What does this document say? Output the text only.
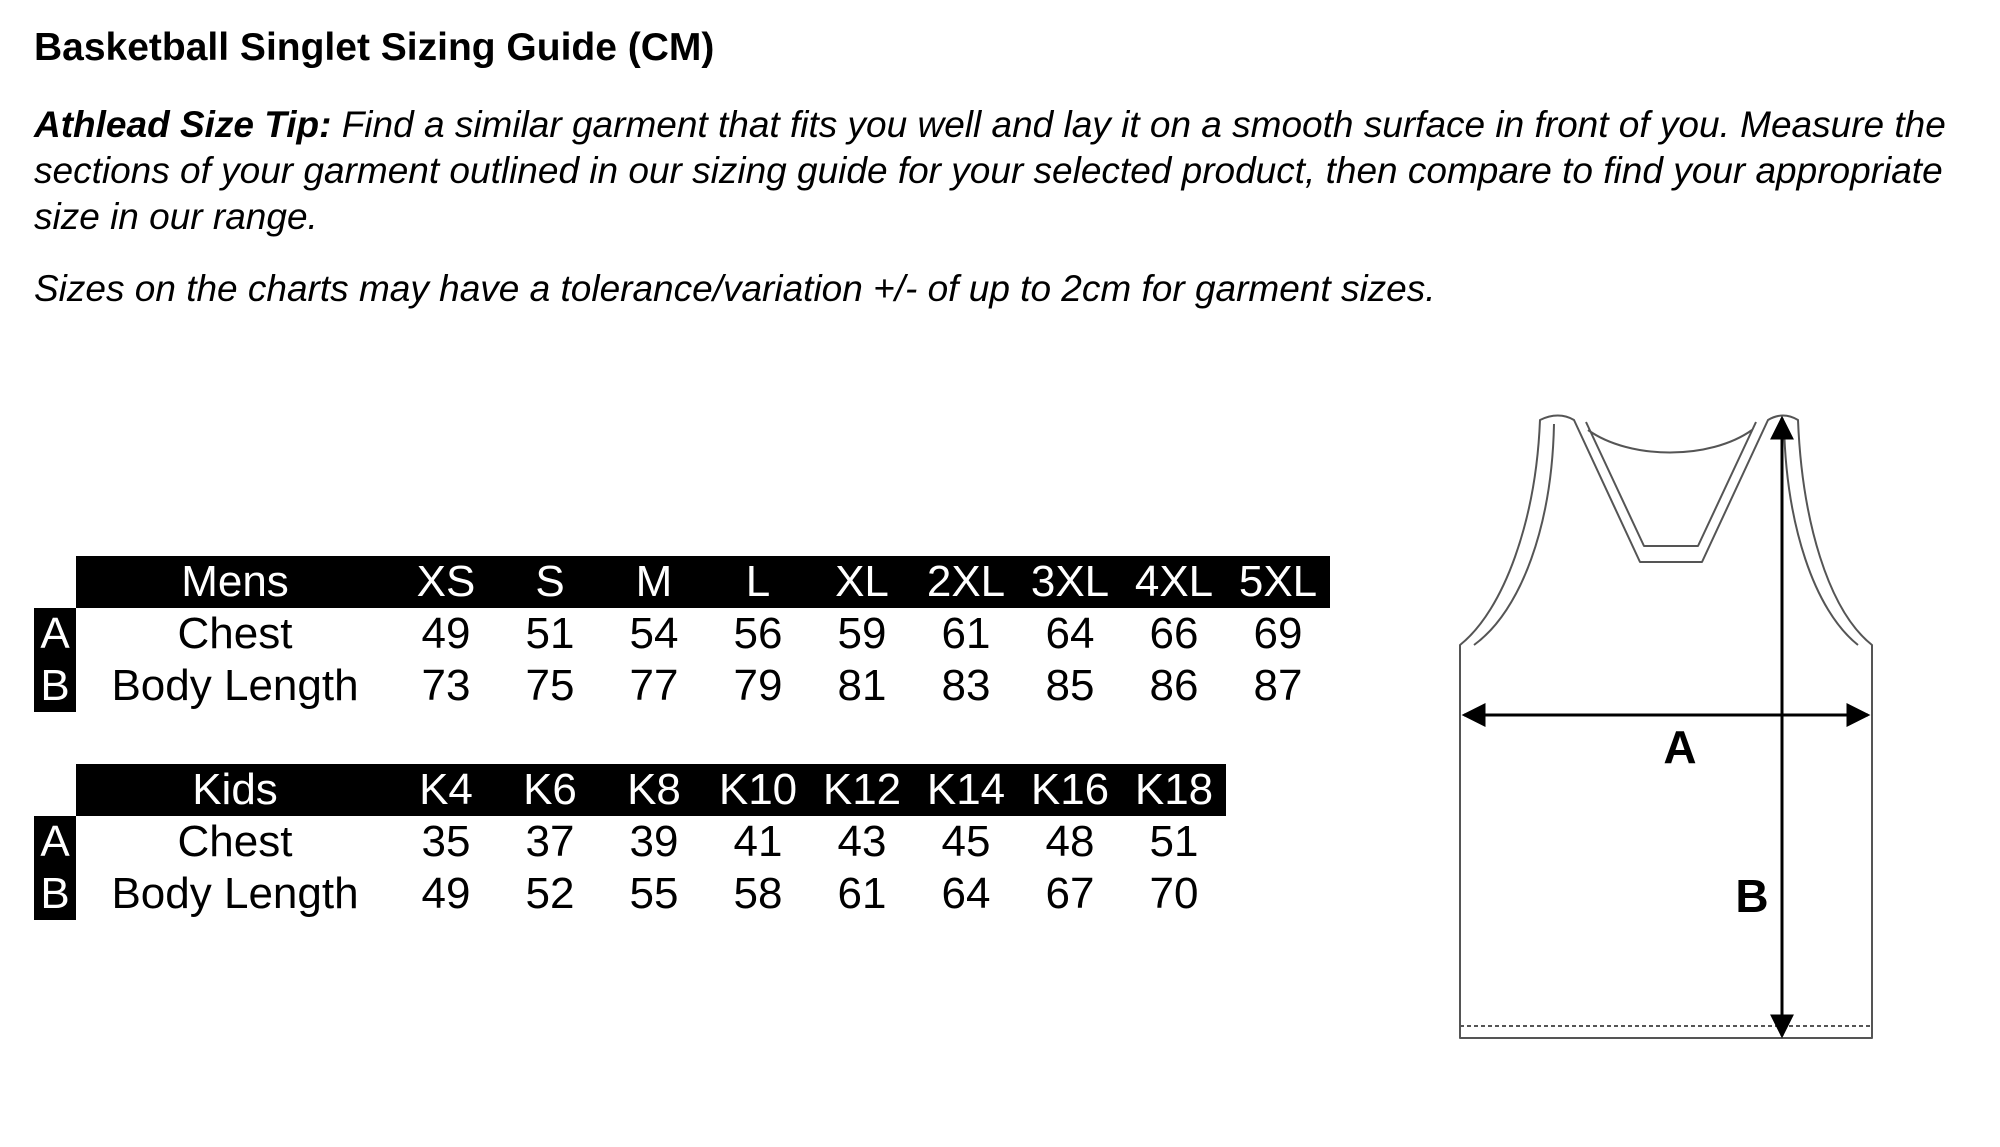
Basketball Singlet Sizing Guide (CM)

Athlead Size Tip: Find a similar garment that fits you well and lay it on a smooth surface in front of you. Measure the sections of your garment outlined in our sizing guide for your selected product, then compare to find your appropriate size in our range.

Sizes on the charts may have a tolerance/variation +/- of up to 2cm for garment sizes.

	Mens	XS	S	M	L	XL	2XL	3XL	4XL	5XL
A	Chest	49	51	54	56	59	61	64	66	69
B	Body Length	73	75	77	79	81	83	85	86	87
	Kids	K4	K6	K8	K10	K12	K14	K16	K18
A	Chest	35	37	39	41	43	45	48	51
B	Body Length	49	52	55	58	61	64	67	70
A
B
